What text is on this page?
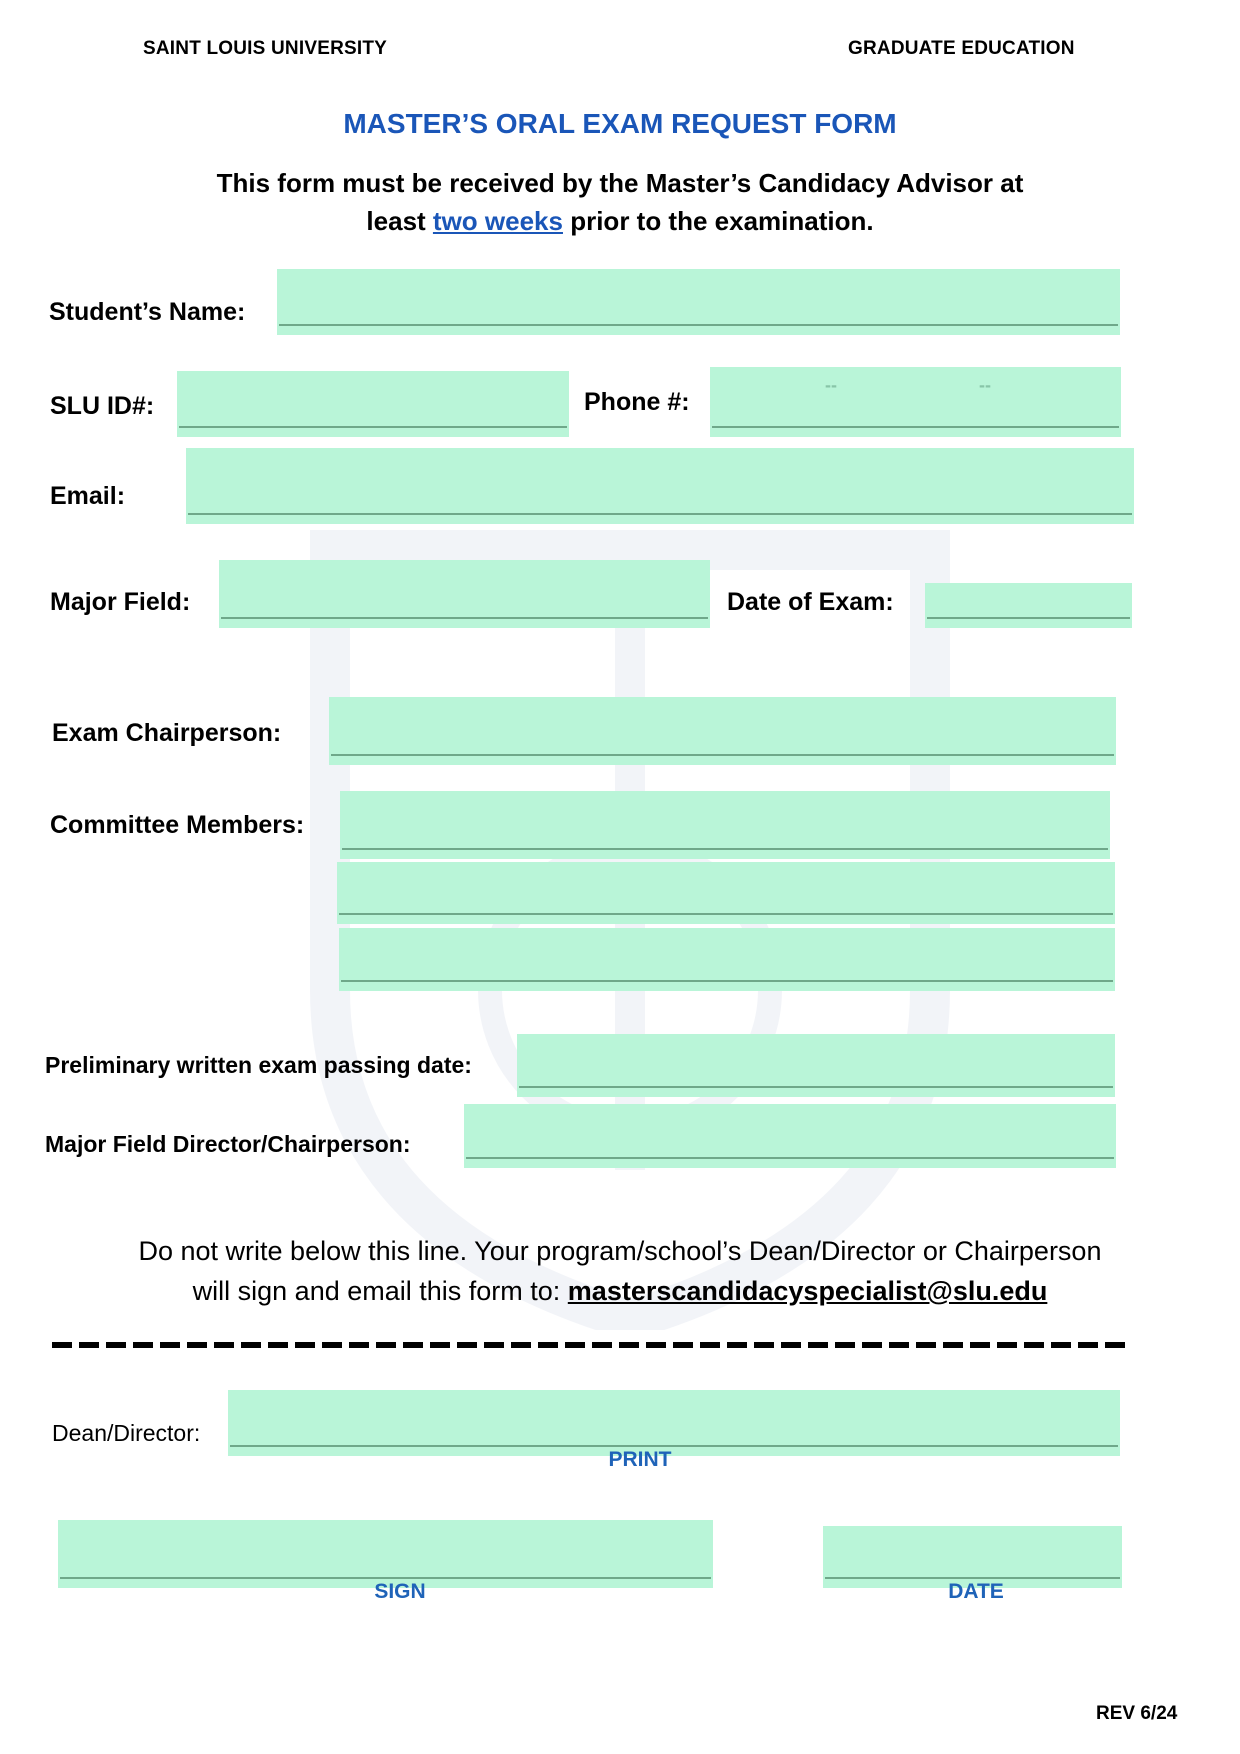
SAINT LOUIS UNIVERSITY	GRADUATE EDUCATION
MASTER’S ORAL EXAM REQUEST FORM
This form must be received by the Master’s Candidacy Advisor at
least two weeks prior to the examination.
Student’s Name:
SLU ID#:	Phone #:
--	--
Email:
Major Field:	Date of Exam:
Exam Chairperson:
Committee Members:
Preliminary written exam passing date:
Major Field Director/Chairperson:
Do not write below this line. Your program/school’s Dean/Director or Chairperson
will sign and email this form to: masterscandidacyspecialist@slu.edu
Dean/Director:
PRINT
SIGN	DATE
REV 6/24
